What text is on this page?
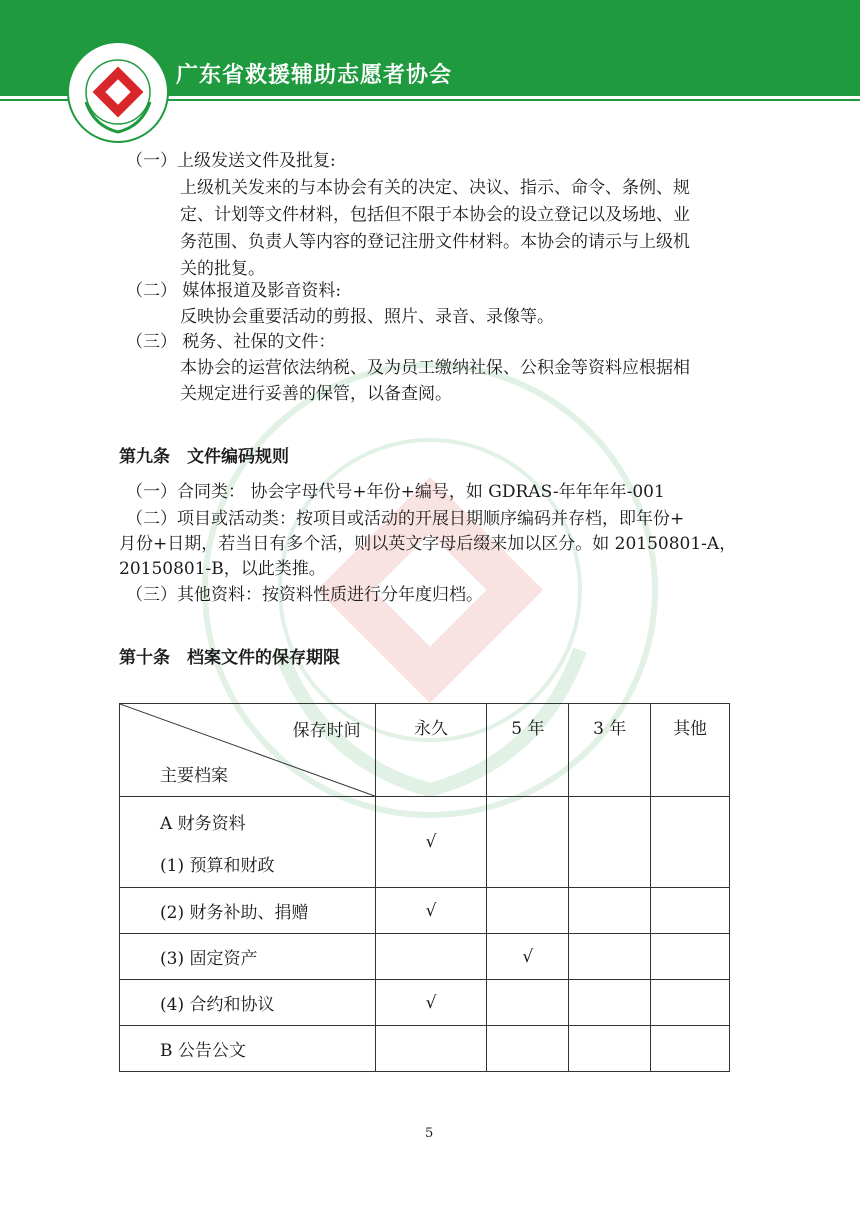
广东省救援辅助志愿者协会
（一）上级发送文件及批复:
上级机关发来的与本协会有关的决定、决议、指示、命令、条例、规
定、计划等文件材料，包括但不限于本协会的设立登记以及场地、业
务范围、负责人等内容的登记注册文件材料。本协会的请示与上级机
关的批复。
（二） 媒体报道及影音资料:
反映协会重要活动的剪报、照片、录音、录像等。
（三） 税务、社保的文件：
本协会的运营依法纳税、及为员工缴纳社保、公积金等资料应根据相
关规定进行妥善的保管，以备查阅。
第九条　文件编码规则
（一）合同类： 协会字母代号+年份+编号，如 GDRAS-年年年年-001
（二）项目或活动类：按项目或活动的开展日期顺序编码并存档，即年份+
月份+日期，若当日有多个活，则以英文字母后缀来加以区分。如 20150801-A，
20150801-B，以此类推。
（三）其他资料：按资料性质进行分年度归档。
第十条　档案文件的保存期限
保存时间
主要档案	永久	5 年	3 年	其他

A 财务资料
(1) 预算和财政	√			
(2) 财务补助、捐赠	√			
(3) 固定资产		√		
(4) 合约和协议	√			
B 公告公文				
5
